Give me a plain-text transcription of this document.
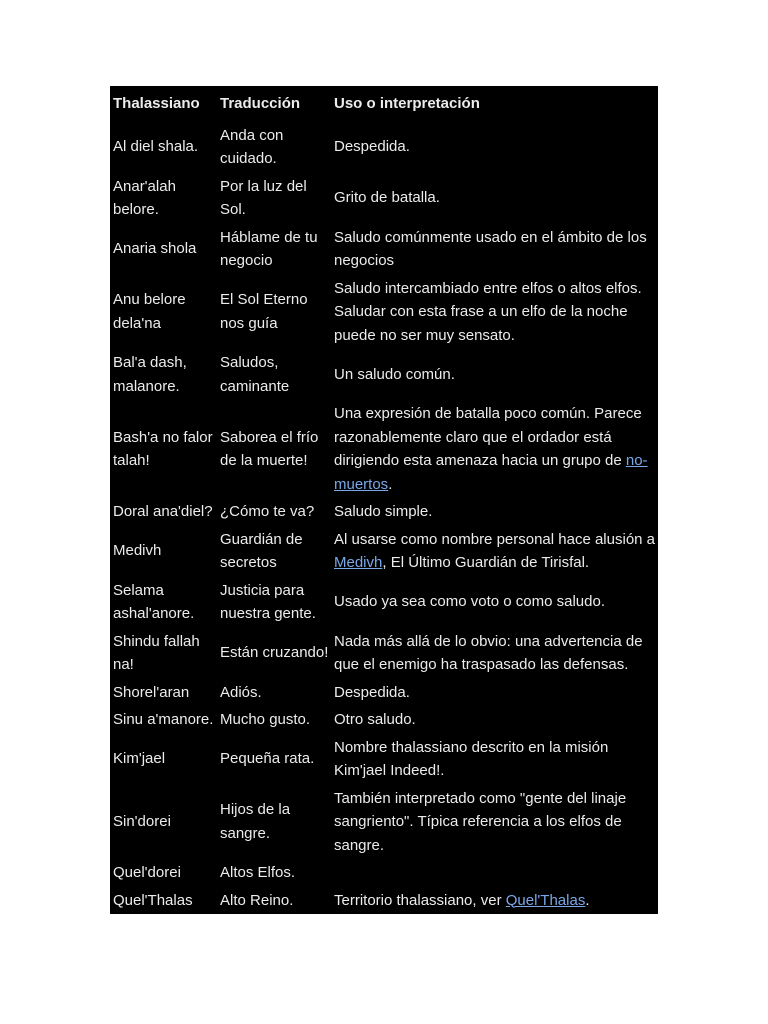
Thalassiano	Traducción	Uso o interpretación
Al diel shala.	Anda con cuidado.	Despedida.
Anar'alah belore.	Por la luz del Sol.	Grito de batalla.
Anaria shola	Háblame de tu negocio	Saludo comúnmente usado en el ámbito de los negocios
Anu belore dela'na	El Sol Eterno nos guía	Saludo intercambiado entre elfos o altos elfos. Saludar con esta frase a un elfo de la noche puede no ser muy sensato.
Bal'a dash, malanore.	Saludos, caminante	Un saludo común.
Bash'a no falor talah!	Saborea el frío de la muerte!	Una expresión de batalla poco común. Parece razonablemente claro que el ordador está dirigiendo esta amenaza hacia un grupo de no-muertos.
Doral ana'diel?	¿Cómo te va?	Saludo simple.
Medivh	Guardián de secretos	Al usarse como nombre personal hace alusión a Medivh, El Último Guardián de Tirisfal.
Selama ashal'anore.	Justicia para nuestra gente.	Usado ya sea como voto o como saludo.
Shindu fallah na!	Están cruzando!	Nada más allá de lo obvio: una advertencia de que el enemigo ha traspasado las defensas.
Shorel'aran	Adiós.	Despedida.
Sinu a'manore.	Mucho gusto.	Otro saludo.
Kim'jael	Pequeña rata.	Nombre thalassiano descrito en la misión Kim'jael Indeed!.
Sin'dorei	Hijos de la sangre.	También interpretado como "gente del linaje sangriento". Típica referencia a los elfos de sangre.
Quel'dorei	Altos Elfos.	
Quel'Thalas	Alto Reino.	Territorio thalassiano, ver Quel'Thalas.
